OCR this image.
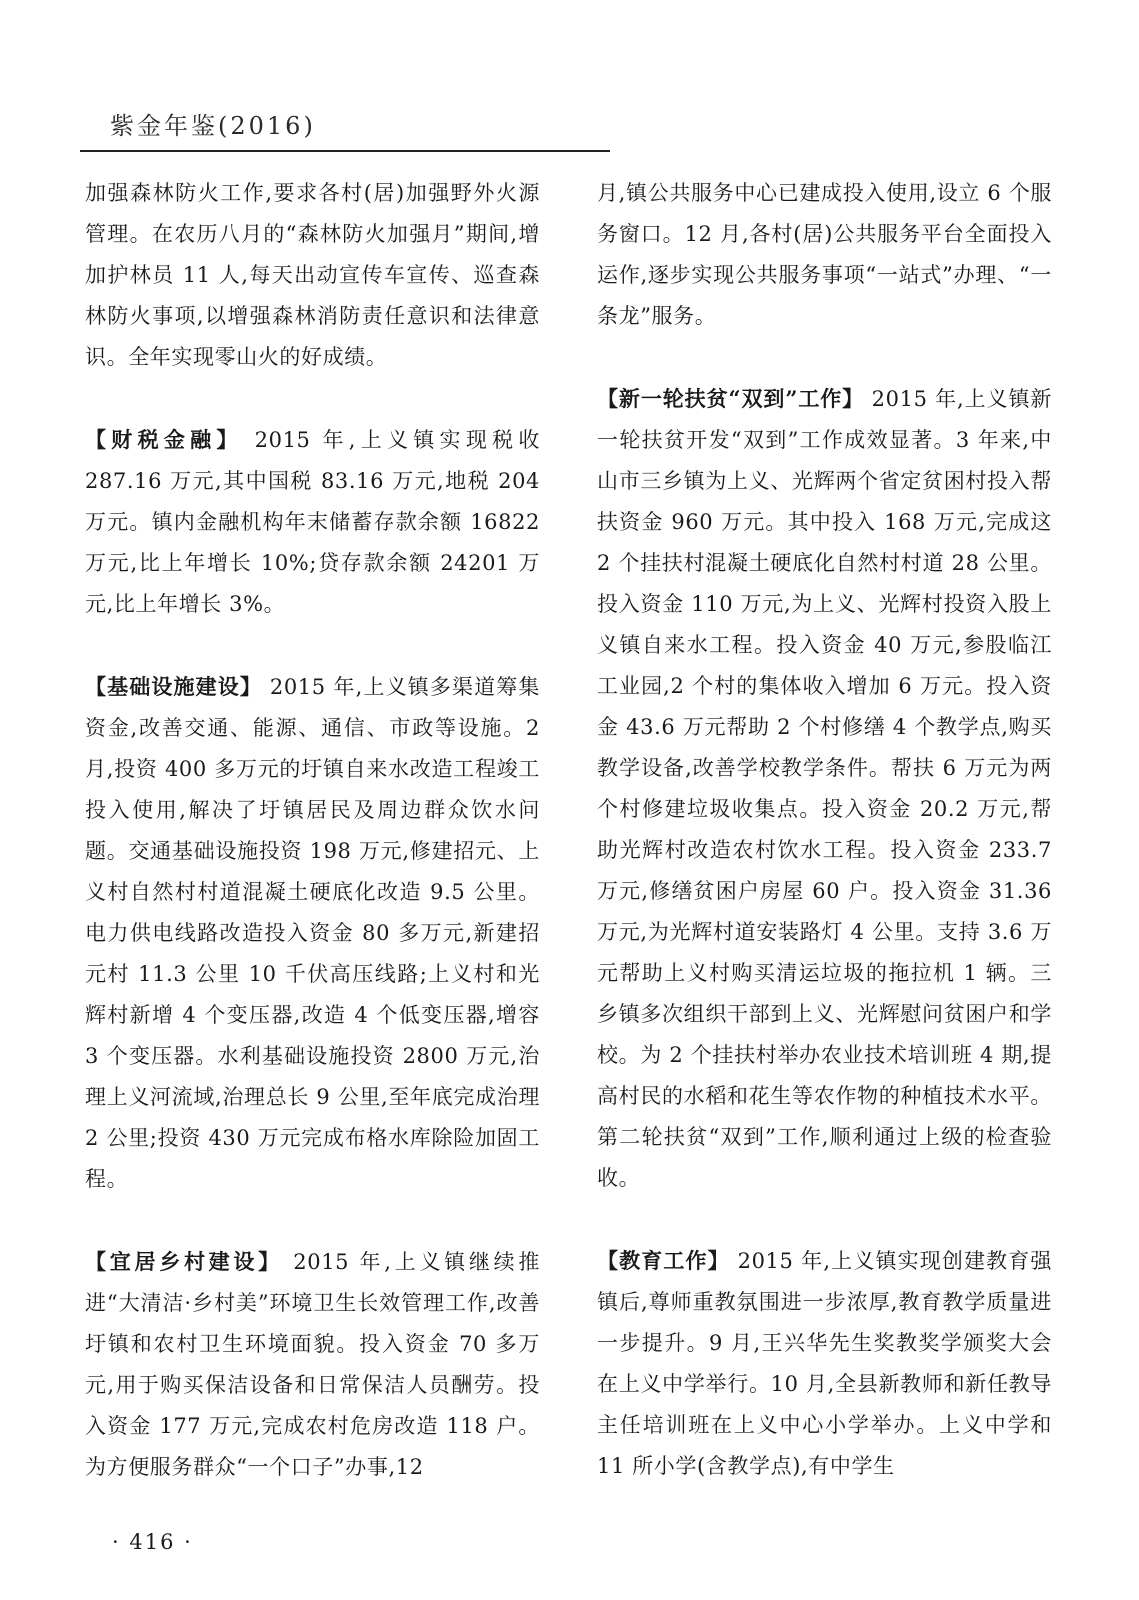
紫金年鉴(2016)

加强森林防火工作,要求各村(居)加强野外火源管理。在农历八月的“森林防火加强月”期间,增加护林员 11 人,每天出动宣传车宣传、巡查森林防火事项,以增强森林消防责任意识和法律意识。全年实现零山火的好成绩。

【财税金融】 2015 年,上义镇实现税收287.16 万元,其中国税 83.16 万元,地税 204 万元。镇内金融机构年末储蓄存款余额 16822 万元,比上年增长 10%;贷存款余额 24201 万元,比上年增长 3%。

【基础设施建设】 2015 年,上义镇多渠道筹集资金,改善交通、能源、通信、市政等设施。2 月,投资 400 多万元的圩镇自来水改造工程竣工投入使用,解决了圩镇居民及周边群众饮水问题。交通基础设施投资 198 万元,修建招元、上义村自然村村道混凝土硬底化改造 9.5 公里。电力供电线路改造投入资金 80 多万元,新建招元村 11.3 公里 10 千伏高压线路;上义村和光辉村新增 4 个变压器,改造 4 个低变压器,增容 3 个变压器。水利基础设施投资 2800 万元,治理上义河流域,治理总长 9 公里,至年底完成治理 2 公里;投资 430 万元完成布格水库除险加固工程。

【宜居乡村建设】 2015 年,上义镇继续推进“大清洁·乡村美”环境卫生长效管理工作,改善圩镇和农村卫生环境面貌。投入资金 70 多万元,用于购买保洁设备和日常保洁人员酬劳。投入资金 177 万元,完成农村危房改造 118 户。为方便服务群众“一个口子”办事,12

月,镇公共服务中心已建成投入使用,设立 6 个服务窗口。12 月,各村(居)公共服务平台全面投入运作,逐步实现公共服务事项“一站式”办理、“一条龙”服务。

【新一轮扶贫“双到”工作】 2015 年,上义镇新一轮扶贫开发“双到”工作成效显著。3 年来,中山市三乡镇为上义、光辉两个省定贫困村投入帮扶资金 960 万元。其中投入 168 万元,完成这 2 个挂扶村混凝土硬底化自然村村道 28 公里。投入资金 110 万元,为上义、光辉村投资入股上义镇自来水工程。投入资金 40 万元,参股临江工业园,2 个村的集体收入增加 6 万元。投入资金 43.6 万元帮助 2 个村修缮 4 个教学点,购买教学设备,改善学校教学条件。帮扶 6 万元为两个村修建垃圾收集点。投入资金 20.2 万元,帮助光辉村改造农村饮水工程。投入资金 233.7 万元,修缮贫困户房屋 60 户。投入资金 31.36 万元,为光辉村道安装路灯 4 公里。支持 3.6 万元帮助上义村购买清运垃圾的拖拉机 1 辆。三乡镇多次组织干部到上义、光辉慰问贫困户和学校。为 2 个挂扶村举办农业技术培训班 4 期,提高村民的水稻和花生等农作物的种植技术水平。第二轮扶贫“双到”工作,顺利通过上级的检查验收。

【教育工作】 2015 年,上义镇实现创建教育强镇后,尊师重教氛围进一步浓厚,教育教学质量进一步提升。9 月,王兴华先生奖教奖学颁奖大会在上义中学举行。10 月,全县新教师和新任教导主任培训班在上义中心小学举办。上义中学和 11 所小学(含教学点),有中学生

· 416 ·
